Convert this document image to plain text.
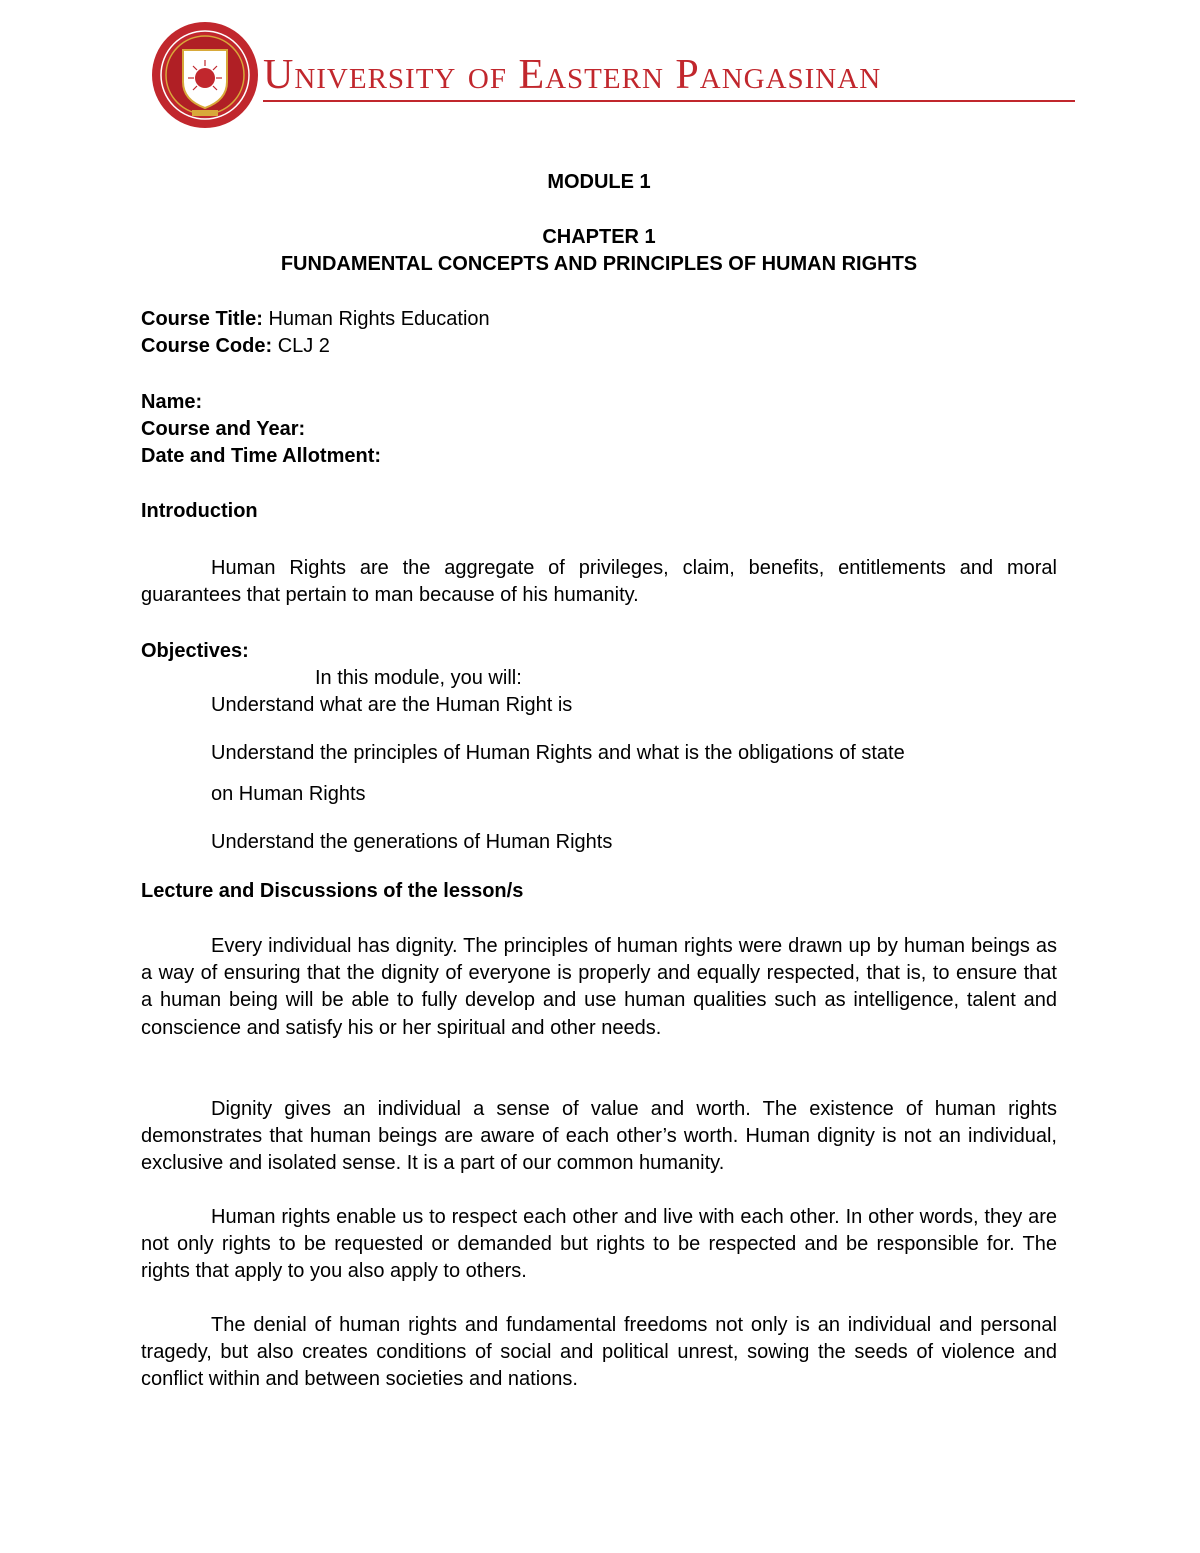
University of Eastern Pangasinan
MODULE 1
CHAPTER 1
FUNDAMENTAL CONCEPTS AND PRINCIPLES OF HUMAN RIGHTS
Course Title: Human Rights Education
Course Code: CLJ 2
Name:
Course and Year:
Date and Time Allotment:
Introduction
Human Rights are the aggregate of privileges, claim, benefits, entitlements and moral guarantees that pertain to man because of his humanity.
Objectives:
In this module, you will:
Understand what are the Human Right is
Understand the principles of Human Rights and what is the obligations of state
on Human Rights
Understand the generations of Human Rights
Lecture and Discussions of the lesson/s
Every individual has dignity. The principles of human rights were drawn up by human beings as a way of ensuring that the dignity of everyone is properly and equally respected, that is, to ensure that a human being will be able to fully develop and use human qualities such as intelligence, talent and conscience and satisfy his or her spiritual and other needs.
Dignity gives an individual a sense of value and worth. The existence of human rights demonstrates that human beings are aware of each other’s worth. Human dignity is not an individual, exclusive and isolated sense. It is a part of our common humanity.
Human rights enable us to respect each other and live with each other. In other words, they are not only rights to be requested or demanded but rights to be respected and be responsible for. The rights that apply to you also apply to others.
The denial of human rights and fundamental freedoms not only is an individual and personal tragedy, but also creates conditions of social and political unrest, sowing the seeds of violence and conflict within and between societies and nations.
